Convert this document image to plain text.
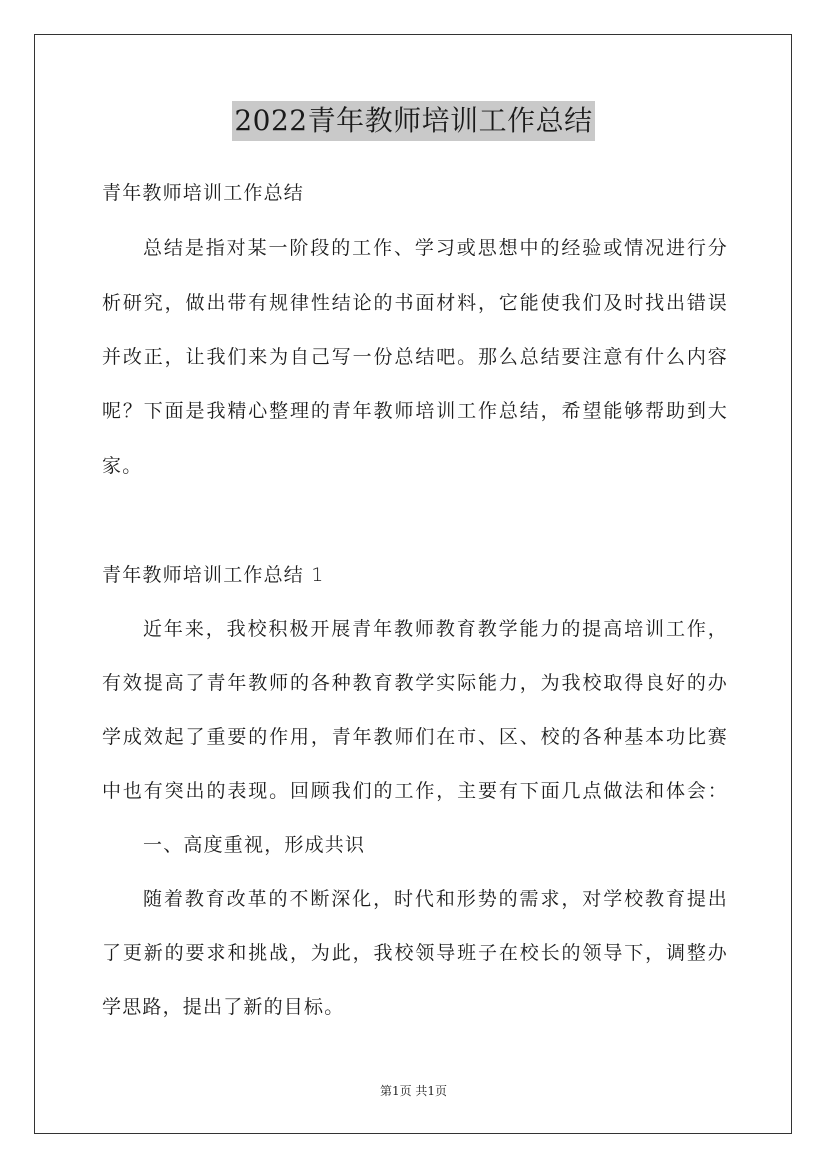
2022青年教师培训工作总结
青年教师培训工作总结
总结是指对某一阶段的工作、学习或思想中的经验或情况进行分
析研究，做出带有规律性结论的书面材料，它能使我们及时找出错误
并改正，让我们来为自己写一份总结吧。那么总结要注意有什么内容
呢？下面是我精心整理的青年教师培训工作总结，希望能够帮助到大
家。
青年教师培训工作总结 1
近年来，我校积极开展青年教师教育教学能力的提高培训工作，
有效提高了青年教师的各种教育教学实际能力，为我校取得良好的办
学成效起了重要的作用，青年教师们在市、区、校的各种基本功比赛
中也有突出的表现。回顾我们的工作，主要有下面几点做法和体会：
一、高度重视，形成共识
随着教育改革的不断深化，时代和形势的需求，对学校教育提出
了更新的要求和挑战，为此，我校领导班子在校长的领导下，调整办
学思路，提出了新的目标。
第1页 共1页
